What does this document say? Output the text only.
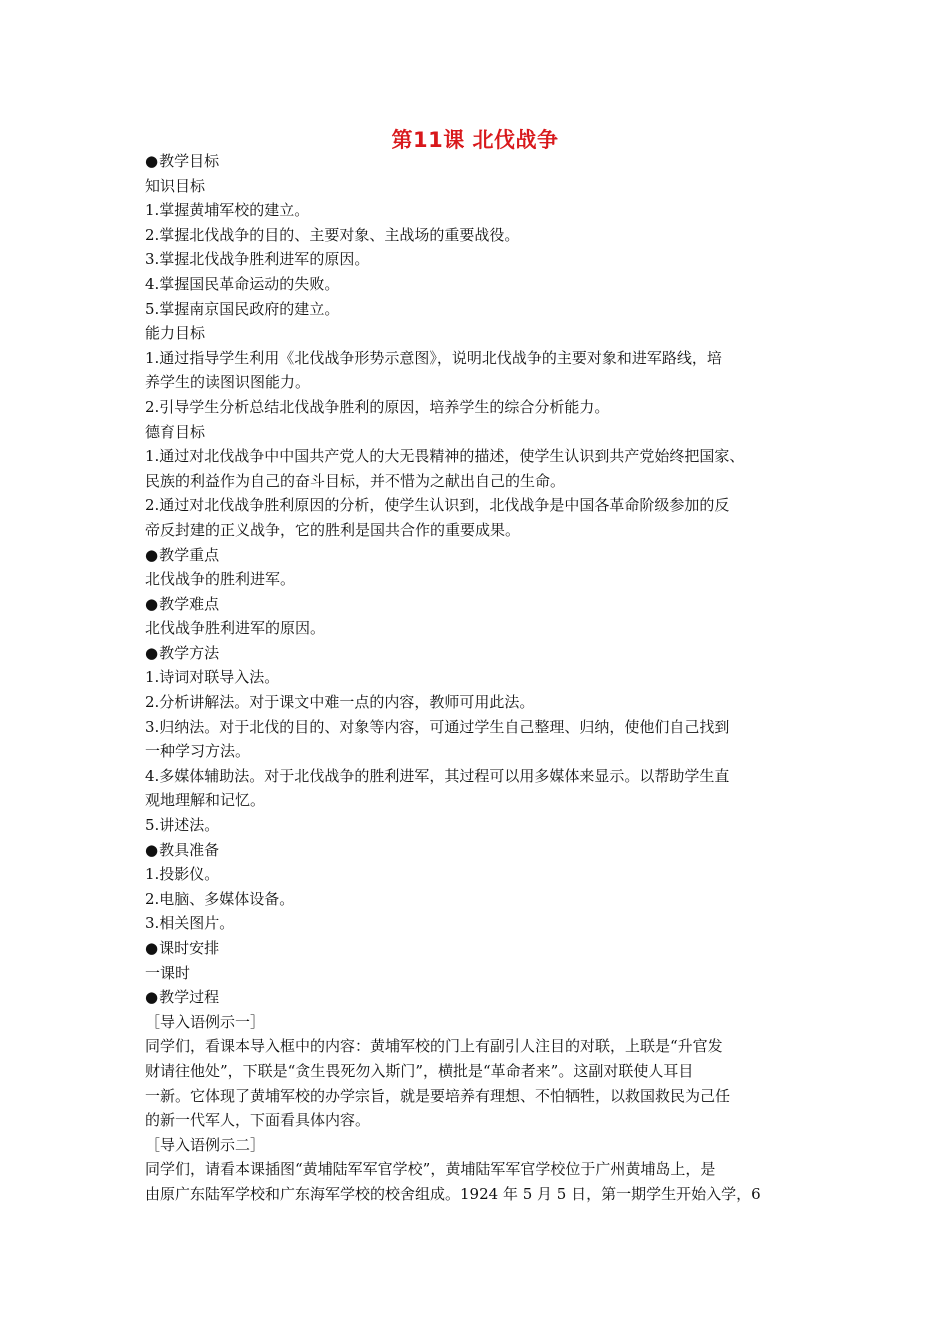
第11课 北伐战争
● 教学目标
知识目标
1.掌握黄埔军校的建立。
2.掌握北伐战争的目的、主要对象、主战场的重要战役。
3.掌握北伐战争胜利进军的原因。
4.掌握国民革命运动的失败。
5.掌握南京国民政府的建立。
能力目标
1.通过指导学生利用《北伐战争形势示意图》，说明北伐战争的主要对象和进军路线，培
养学生的读图识图能力。
2.引导学生分析总结北伐战争胜利的原因，培养学生的综合分析能力。
德育目标
1.通过对北伐战争中中国共产党人的大无畏精神的描述，使学生认识到共产党始终把国家、
民族的利益作为自己的奋斗目标，并不惜为之献出自己的生命。
2.通过对北伐战争胜利原因的分析，使学生认识到，北伐战争是中国各革命阶级参加的反
帝反封建的正义战争，它的胜利是国共合作的重要成果。
● 教学重点
北伐战争的胜利进军。
● 教学难点
北伐战争胜利进军的原因。
● 教学方法
1.诗词对联导入法。
2.分析讲解法。对于课文中难一点的内容，教师可用此法。
3.归纳法。对于北伐的目的、对象等内容，可通过学生自己整理、归纳，使他们自己找到
一种学习方法。
4.多媒体辅助法。对于北伐战争的胜利进军，其过程可以用多媒体来显示。以帮助学生直
观地理解和记忆。
5.讲述法。
● 教具准备
1.投影仪。
2.电脑、多媒体设备。
3.相关图片。
● 课时安排
一课时
● 教学过程
［导入语例示一］
同学们，看课本导入框中的内容：黄埔军校的门上有副引人注目的对联，上联是“升官发
财请往他处”，下联是“贪生畏死勿入斯门”，横批是“革命者来”。这副对联使人耳目
一新。它体现了黄埔军校的办学宗旨，就是要培养有理想、不怕牺牲，以救国救民为己任
的新一代军人，下面看具体内容。
［导入语例示二］
同学们，请看本课插图“黄埔陆军军官学校”，黄埔陆军军官学校位于广州黄埔岛上，是
由原广东陆军学校和广东海军学校的校舍组成。1924 年 5 月 5 日，第一期学生开始入学，6
